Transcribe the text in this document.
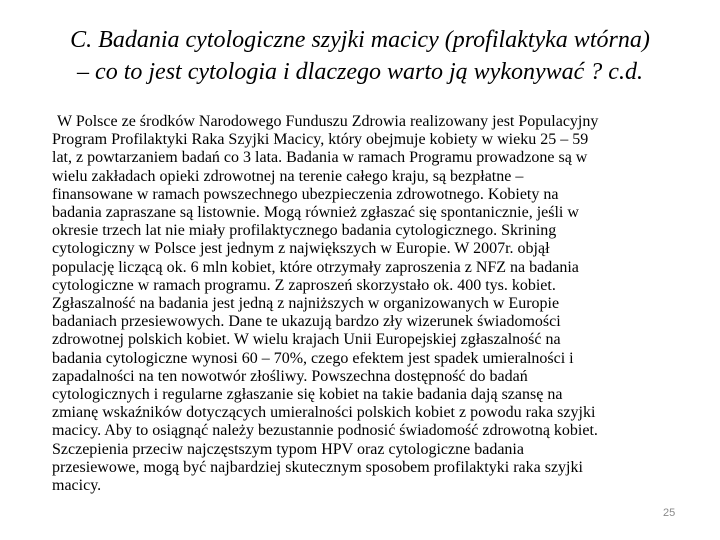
C. Badania cytologiczne szyjki macicy (profilaktyka wtórna)
– co to jest cytologia i dlaczego warto ją wykonywać ? c.d.
W Polsce ze środków Narodowego Funduszu Zdrowia realizowany jest Populacyjny
Program Profilaktyki Raka Szyjki Macicy, który obejmuje kobiety w wieku 25 – 59
lat, z powtarzaniem badań co 3 lata. Badania w ramach Programu prowadzone są w
wielu zakładach opieki zdrowotnej na terenie całego kraju, są bezpłatne –
finansowane w ramach powszechnego ubezpieczenia zdrowotnego. Kobiety na
badania zapraszane są listownie. Mogą również zgłaszać się spontanicznie, jeśli w
okresie trzech lat nie miały profilaktycznego badania cytologicznego. Skrining
cytologiczny w Polsce jest jednym z największych w Europie. W 2007r. objął
populację liczącą ok. 6 mln kobiet, które otrzymały zaproszenia z NFZ na badania
cytologiczne w ramach programu. Z zaproszeń skorzystało ok. 400 tys. kobiet.
Zgłaszalność na badania jest jedną z najniższych w organizowanych w Europie
badaniach przesiewowych. Dane te ukazują bardzo zły wizerunek świadomości
zdrowotnej polskich kobiet. W wielu krajach Unii Europejskiej zgłaszalność na
badania cytologiczne wynosi 60 – 70%, czego efektem jest spadek umieralności i
zapadalności na ten nowotwór złośliwy. Powszechna dostępność do badań
cytologicznych i regularne zgłaszanie się kobiet na takie badania dają szansę na
zmianę wskaźników dotyczących umieralności polskich kobiet z powodu raka szyjki
macicy. Aby to osiągnąć należy bezustannie podnosić świadomość zdrowotną kobiet.
Szczepienia przeciw najczęstszym typom HPV oraz cytologiczne badania
przesiewowe, mogą być najbardziej skutecznym sposobem profilaktyki raka szyjki
macicy.
25
